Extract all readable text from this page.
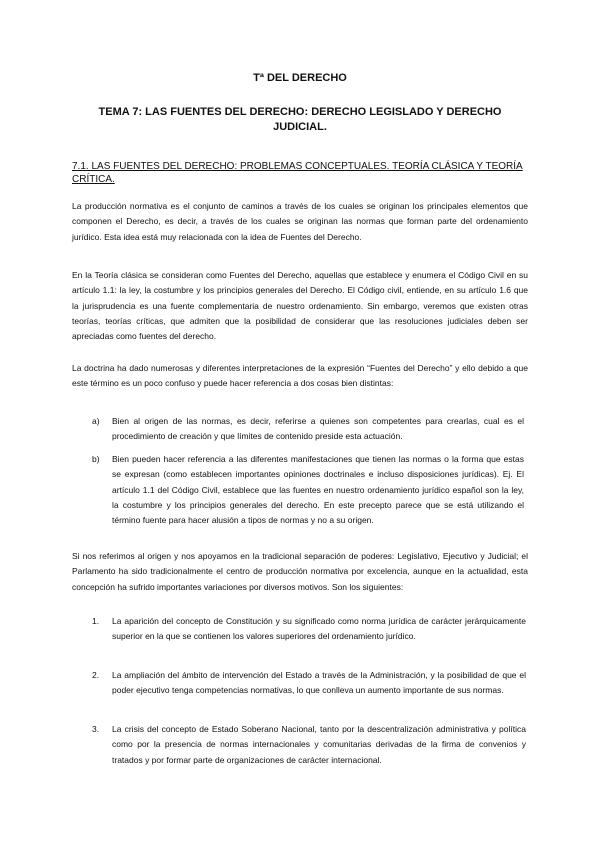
Tª DEL DERECHO
TEMA 7: LAS FUENTES DEL DERECHO: DERECHO LEGISLADO Y DERECHO JUDICIAL.
7.1. LAS FUENTES DEL DERECHO: PROBLEMAS CONCEPTUALES. TEORÍA CLÁSICA Y TEORÍA CRÍTICA.

La producción normativa es el conjunto de caminos a través de los cuales se originan los principales elementos que componen el Derecho, es decir, a través de los cuales se originan las normas que forman parte del ordenamiento jurídico. Esta idea está muy relacionada con la idea de Fuentes del Derecho.

En la Teoría clásica se consideran como Fuentes del Derecho, aquellas que establece y enumera el Código Civil en su artículo 1.1: la ley, la costumbre y los principios generales del Derecho. El Código civil, entiende, en su artículo 1.6 que la jurisprudencia es una fuente complementaria de nuestro ordenamiento. Sin embargo, veremos que existen otras teorías, teorías críticas, que admiten que la posibilidad de considerar que las resoluciones judiciales deben ser apreciadas como fuentes del derecho.

La doctrina ha dado numerosas y diferentes interpretaciones de la expresión “Fuentes del Derecho” y ello debido a que este término es un poco confuso y puede hacer referencia a dos cosas bien distintas:

a) Bien al origen de las normas, es decir, referirse a quienes son competentes para crearlas, cual es el procedimiento de creación y que límites de contenido preside esta actuación.
b) Bien pueden hacer referencia a las diferentes manifestaciones que tienen las normas o la forma que estas se expresan (como establecen importantes opiniones doctrinales e incluso disposiciones jurídicas). Ej. El artículo 1.1 del Código Civil, establece que las fuentes en nuestro ordenamiento jurídico español son la ley, la costumbre y los principios generales del derecho. En este precepto parece que se está utilizando el término fuente para hacer alusión a tipos de normas y no a su origen.

Si nos referimos al origen y nos apoyamos en la tradicional separación de poderes: Legislativo, Ejecutivo y Judicial; el Parlamento ha sido tradicionalmente el centro de producción normativa por excelencia, aunque en la actualidad, esta concepción ha sufrido importantes variaciones por diversos motivos. Son los siguientes:

1. La aparición del concepto de Constitución y su significado como norma jurídica de carácter jerárquicamente superior en la que se contienen los valores superiores del ordenamiento jurídico.
2. La ampliación del ámbito de intervención del Estado a través de la Administración, y la posibilidad de que el poder ejecutivo tenga competencias normativas, lo que conlleva un aumento importante de sus normas.
3. La crisis del concepto de Estado Soberano Nacional, tanto por la descentralización administrativa y política como por la presencia de normas internacionales y comunitarias derivadas de la firma de convenios y tratados y por formar parte de organizaciones de carácter internacional.
